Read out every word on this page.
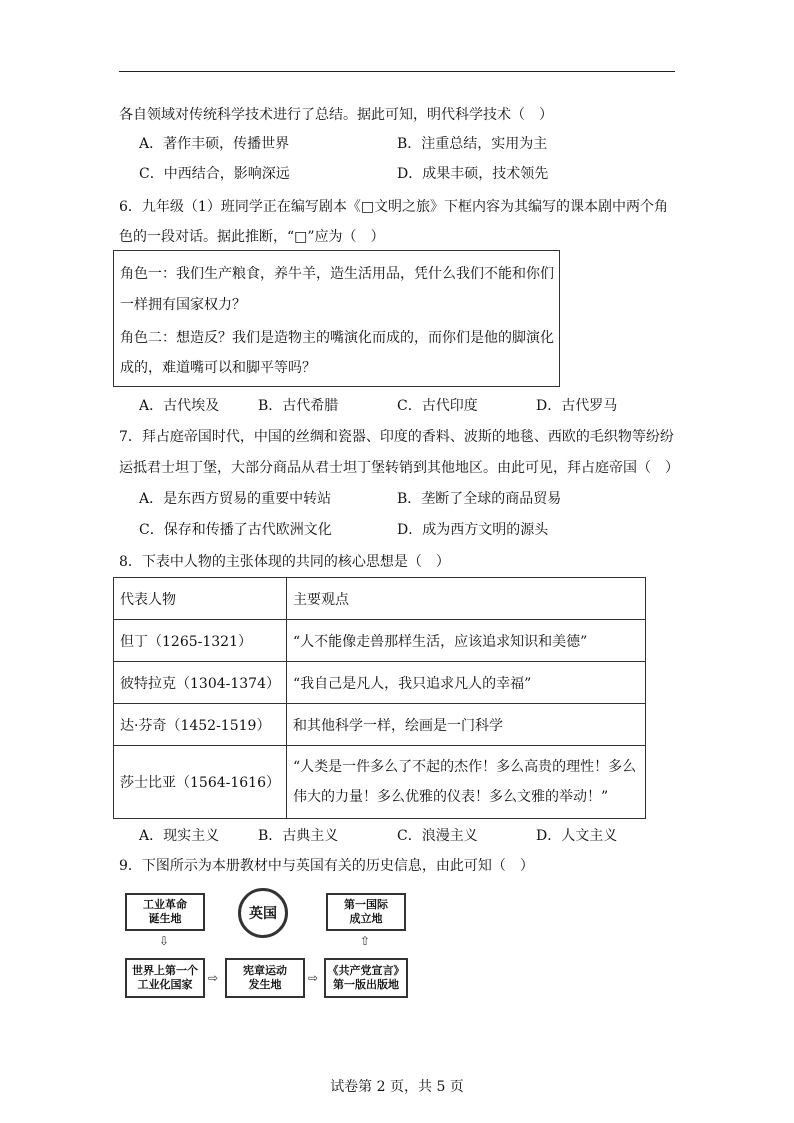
各自领域对传统科学技术进行了总结。据此可知，明代科学技术（　）
A．著作丰硕，传播世界	B．注重总结，实用为主
C．中西结合，影响深远	D．成果丰硕，技术领先
6．九年级（1）班同学正在编写剧本《□文明之旅》下框内容为其编写的课本剧中两个角
色的一段对话。据此推断，“□”应为（　）
角色一：我们生产粮食，养牛羊，造生活用品，凭什么我们不能和你们
一样拥有国家权力？
角色二：想造反？我们是造物主的嘴演化而成的，而你们是他的脚演化
成的，难道嘴可以和脚平等吗？
A．古代埃及	B．古代希腊	C．古代印度	D．古代罗马
7．拜占庭帝国时代，中国的丝绸和瓷器、印度的香料、波斯的地毯、西欧的毛织物等纷纷
运抵君士坦丁堡，大部分商品从君士坦丁堡转销到其他地区。由此可见，拜占庭帝国（　）
A．是东西方贸易的重要中转站	B．垄断了全球的商品贸易
C．保存和传播了古代欧洲文化	D．成为西方文明的源头
8．下表中人物的主张体现的共同的核心思想是（　）
代表人物	主要观点
但丁（1265-1321）	“人不能像走兽那样生活，应该追求知识和美德”
彼特拉克（1304-1374）	“我自己是凡人，我只追求凡人的幸福”
达·芬奇（1452-1519）	和其他科学一样，绘画是一门科学
莎士比亚（1564-1616）	“人类是一件多么了不起的杰作！多么高贵的理性！多么伟大的力量！多么优雅的仪表！多么文雅的举动！”
A．现实主义	B．古典主义	C．浪漫主义	D．人文主义
9．下图所示为本册教材中与英国有关的历史信息，由此可知（　）
工业革命
诞生地	英国
第一国际
成立地
⇩	⇧
世界上第一个
工业化国家	⇨
宪章运动
发生地	⇨
《共产党宣言》
第一版出版地
试卷第 2 页，共 5 页
